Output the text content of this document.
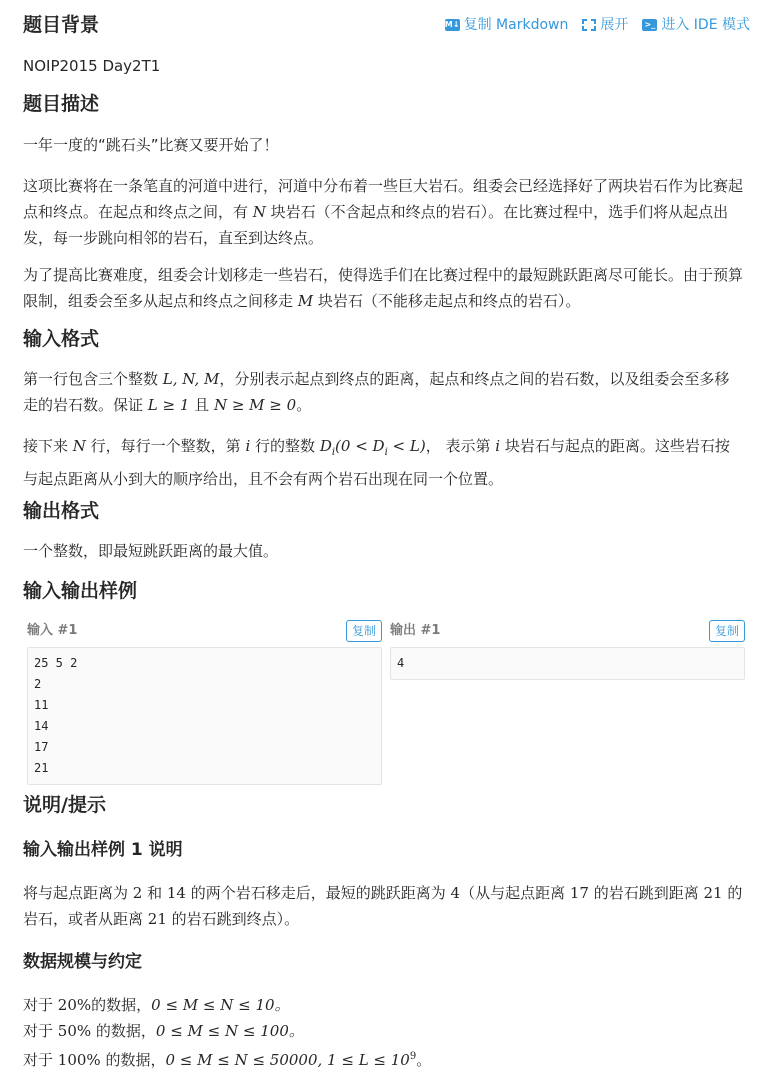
题目背景	M↓ 复制 Markdown 展开 >_ 进入 IDE 模式

NOIP2015 Day2T1

题目描述

一年一度的“跳石头”比赛又要开始了！

这项比赛将在一条笔直的河道中进行，河道中分布着一些巨大岩石。组委会已经选择好了两块岩石作为比赛起点和终点。在起点和终点之间，有 N 块岩石（不含起点和终点的岩石）。在比赛过程中，选手们将从起点出发，每一步跳向相邻的岩石，直至到达终点。

为了提高比赛难度，组委会计划移走一些岩石，使得选手们在比赛过程中的最短跳跃距离尽可能长。由于预算限制，组委会至多从起点和终点之间移走 M 块岩石（不能移走起点和终点的岩石）。

输入格式

第一行包含三个整数 L, N, M，分别表示起点到终点的距离，起点和终点之间的岩石数，以及组委会至多移走的岩石数。保证 L ≥ 1 且 N ≥ M ≥ 0。

接下来 N 行，每行一个整数，第 i 行的整数 $D_i(0 < D_i < L)$， 表示第 i 块岩石与起点的距离。这些岩石按与起点距离从小到大的顺序给出，且不会有两个岩石出现在同一个位置。

输出格式

一个整数，即最短跳跃距离的最大值。

输入输出样例
输入 #1	复制
25 5 2
2
11
14
17
21
输出 #1	复制
4
说明/提示
输入输出样例 1 说明

将与起点距离为 2 和 14 的两个岩石移走后，最短的跳跃距离为 4（从与起点距离 17 的岩石跳到距离 21 的岩石，或者从距离 21 的岩石跳到终点）。

数据规模与约定

对于 20%的数据，0 ≤ M ≤ N ≤ 10。

对于 50% 的数据，0 ≤ M ≤ N ≤ 100。

对于 100% 的数据，0 ≤ M ≤ N ≤ 50000, $1 \le L \le 10^9$。
